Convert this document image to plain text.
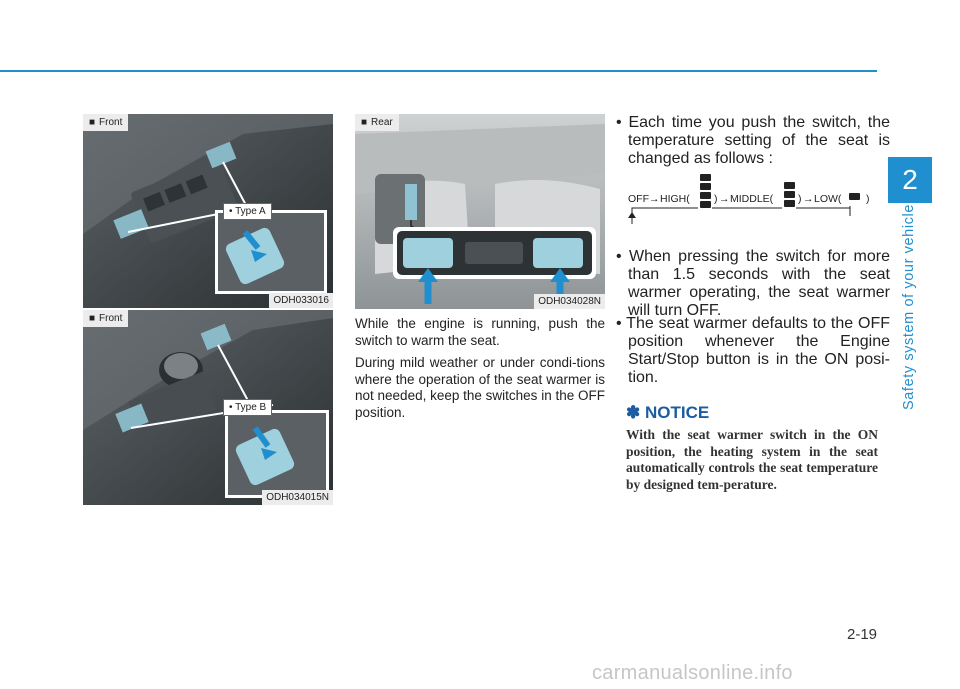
2
Safety system of your vehicle
■ Front
• Type A
ODH033016
■ Front
• Type B
ODH034015N
■ Rear
ODH034028N

While the engine is running, push the switch to warm the seat.

During mild weather or under condi-tions where the operation of the seat warmer is not needed, keep the switches in the OFF position.

• Each time you push the switch, the temperature setting of the seat is changed as follows :
OFF → HIGH( ) → MIDDLE( ) → LOW( )
• When pressing the switch for more than 1.5 seconds with the seat warmer operating, the seat warmer will turn OFF.
• The seat warmer defaults to the OFF position whenever the Engine Start/Stop button is in the ON posi-tion.
✽ NOTICE
With the seat warmer switch in the ON position, the heating system in the seat automatically controls the seat temperature by designed tem-perature.
2-19
carmanualsonline.info
